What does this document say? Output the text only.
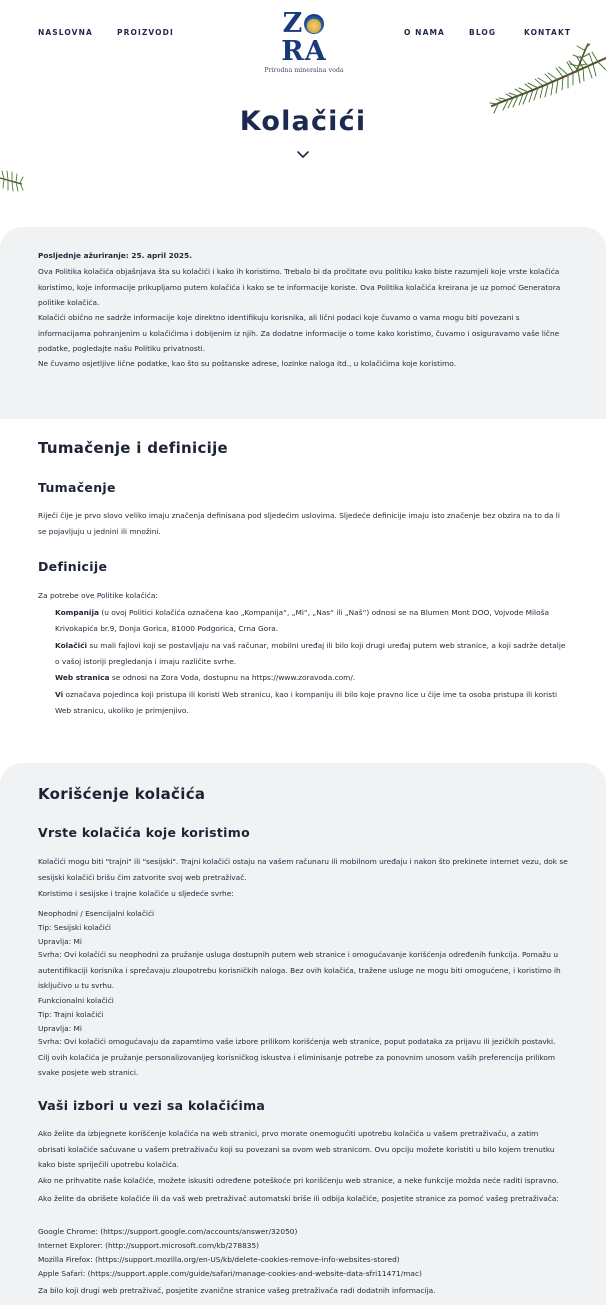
NASLOVNA	PROIZVODI	ZRA
Prirodna mineralna voda
O NAMA	BLOG	KONTAKT
Kolačići
Posljednje ažuriranje: 25. april 2025.
Ova Politika kolačića objašnjava šta su kolačići i kako ih koristimo. Trebalo bi da pročitate ovu politiku kako biste razumjeli koje vrste kolačića koristimo, koje informacije prikupljamo putem kolačića i kako se te informacije koriste. Ova Politika kolačića kreirana je uz pomoć Generatora politike kolačića.
Kolačići obično ne sadrže informacije koje direktno identifikuju korisnika, ali lični podaci koje čuvamo o vama mogu biti povezani s informacijama pohranjenim u kolačićima i dobijenim iz njih. Za dodatne informacije o tome kako koristimo, čuvamo i osiguravamo vaše lične podatke, pogledajte našu Politiku privatnosti.
Ne čuvamo osjetljive lične podatke, kao što su poštanske adrese, lozinke naloga itd., u kolačićima koje koristimo.
Tumačenje i definicije
Tumačenje
Riječi čije je prvo slovo veliko imaju značenja definisana pod sljedećim uslovima. Sljedeće definicije imaju isto značenje bez obzira na to da li se pojavljuju u jednini ili množini.
Definicije
Za potrebe ove Politike kolačića:
Kompanija (u ovoj Politici kolačića označena kao „Kompanija“, „Mi“, „Nas“ ili „Naš“) odnosi se na Blumen Mont DOO, Vojvode Miloša Krivokapića br.9, Donja Gorica, 81000 Podgorica, Crna Gora.
Kolačići su mali fajlovi koji se postavljaju na vaš računar, mobilni uređaj ili bilo koji drugi uređaj putem web stranice, a koji sadrže detalje o vašoj istoriji pregledanja i imaju različite svrhe.
Web stranica se odnosi na Zora Voda, dostupnu na https://www.zoravoda.com/.
Vi označava pojedinca koji pristupa ili koristi Web stranicu, kao i kompaniju ili bilo koje pravno lice u čije ime ta osoba pristupa ili koristi Web stranicu, ukoliko je primjenjivo.
Korišćenje kolačića
Vrste kolačića koje koristimo
Kolačići mogu biti "trajni" ili "sesijski". Trajni kolačići ostaju na vašem računaru ili mobilnom uređaju i nakon što prekinete internet vezu, dok se sesijski kolačići brišu čim zatvorite svoj web pretraživač.
Koristimo i sesijske i trajne kolačiće u sljedeće svrhe:
Neophodni / Esencijalni kolačići
Tip: Sesijski kolačići
Upravlja: Mi
Svrha: Ovi kolačići su neophodni za pružanje usluga dostupnih putem web stranice i omogućavanje korišćenja određenih funkcija. Pomažu u autentifikaciji korisnika i sprečavaju zloupotrebu korisničkih naloga. Bez ovih kolačića, tražene usluge ne mogu biti omogućene, i koristimo ih isključivo u tu svrhu.
Funkcionalni kolačići
Tip: Trajni kolačići
Upravlja: Mi
Svrha: Ovi kolačići omogućavaju da zapamtimo vaše izbore prilikom korišćenja web stranice, poput podataka za prijavu ili jezičkih postavki. Cilj ovih kolačića je pružanje personalizovanijeg korisničkog iskustva i eliminisanje potrebe za ponovnim unosom vaših preferencija prilikom svake posjete web stranici.
Vaši izbori u vezi sa kolačićima
Ako želite da izbjegnete korišćenje kolačića na web stranici, prvo morate onemogućiti upotrebu kolačića u vašem pretraživaču, a zatim obrisati kolačiće sačuvane u vašem pretraživaču koji su povezani sa ovom web stranicom. Ovu opciju možete koristiti u bilo kojem trenutku kako biste spriječili upotrebu kolačića.
Ako ne prihvatite naše kolačiće, možete iskusiti određene poteškoće pri korišćenju web stranice, a neke funkcije možda neće raditi ispravno.
Ako želite da obrišete kolačiće ili da vaš web pretraživač automatski briše ili odbija kolačiće, posjetite stranice za pomoć vašeg pretraživača:
Google Chrome: (https://support.google.com/accounts/answer/32050)
Internet Explorer: (http://support.microsoft.com/kb/278835)
Mozilla Firefox: (https://support.mozilla.org/en-US/kb/delete-cookies-remove-info-websites-stored)
Apple Safari: (https://support.apple.com/guide/safari/manage-cookies-and-website-data-sfri11471/mac)
Za bilo koji drugi web pretraživač, posjetite zvanične stranice vašeg pretraživača radi dodatnih informacija.
